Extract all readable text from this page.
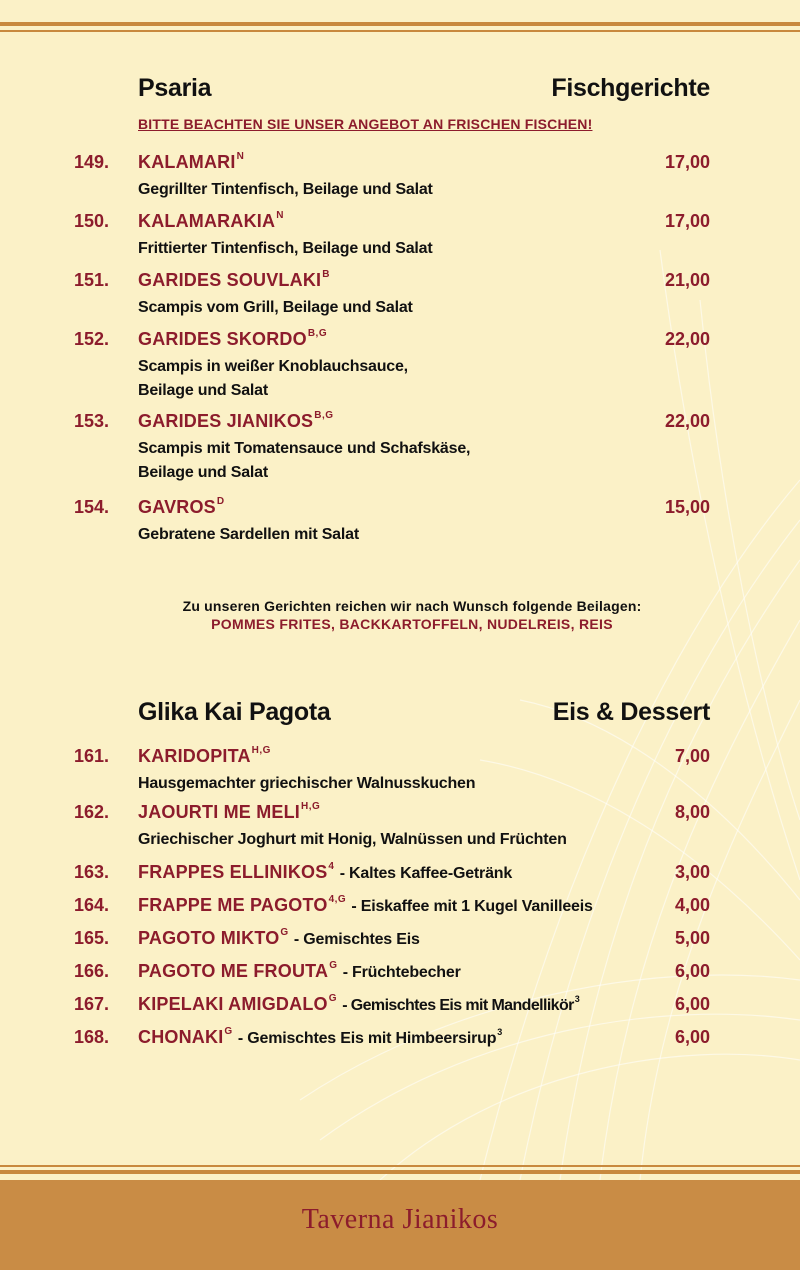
Psaria	Fischgerichte
BITTE BEACHTEN SIE UNSER ANGEBOT AN FRISCHEN FISCHEN!
149. $KALAMARI^N$	17,00
Gegrillter Tintenfisch, Beilage und Salat
150. $KALAMARAKIA^N$	17,00
Frittierter Tintenfisch, Beilage und Salat
151. GARIDES $SOUVLAKI^B$	21,00
Scampis vom Grill, Beilage und Salat
152. GARIDES $SKORDO^{B,G}$	22,00
Scampis in weißer Knoblauchsauce,
Beilage und Salat
153. GARIDES $JIANIKOS^{B,G}$	22,00
Scampis mit Tomatensauce und Schafskäse,
Beilage und Salat
154. $GAVROS^D$	15,00
Gebratene Sardellen mit Salat
Zu unseren Gerichten reichen wir nach Wunsch folgende Beilagen:
POMMES FRITES, BACKKARTOFFELN, NUDELREIS, REIS
Glika Kai Pagota	Eis & Dessert
161. $KARIDOPITA^{H,G}$	7,00
Hausgemachter griechischer Walnusskuchen
162. JAOURTI ME $MELI^{H,G}$	8,00
Griechischer Joghurt mit Honig, Walnüssen und Früchten
163. FRAPPES ELLINIKOS$^4$ - Kaltes Kaffee-Getränk	3,00
164. FRAPPE ME $PAGOTO^{4,G}$ - Eiskaffee mit 1 Kugel Vanilleeis	4,00
165. PAGOTO $MIKTO^G$ - Gemischtes Eis	5,00
166. PAGOTO ME $FROUTA^G$ - Früchtebecher	6,00
167. KIPELAKI $AMIGDALO^G$ - Gemischtes Eis mit Mandellikör$^3$	6,00
168. $CHONAKI^G$ - Gemischtes Eis mit Himbeersirup$^3$	6,00
Taverna Jianikos
